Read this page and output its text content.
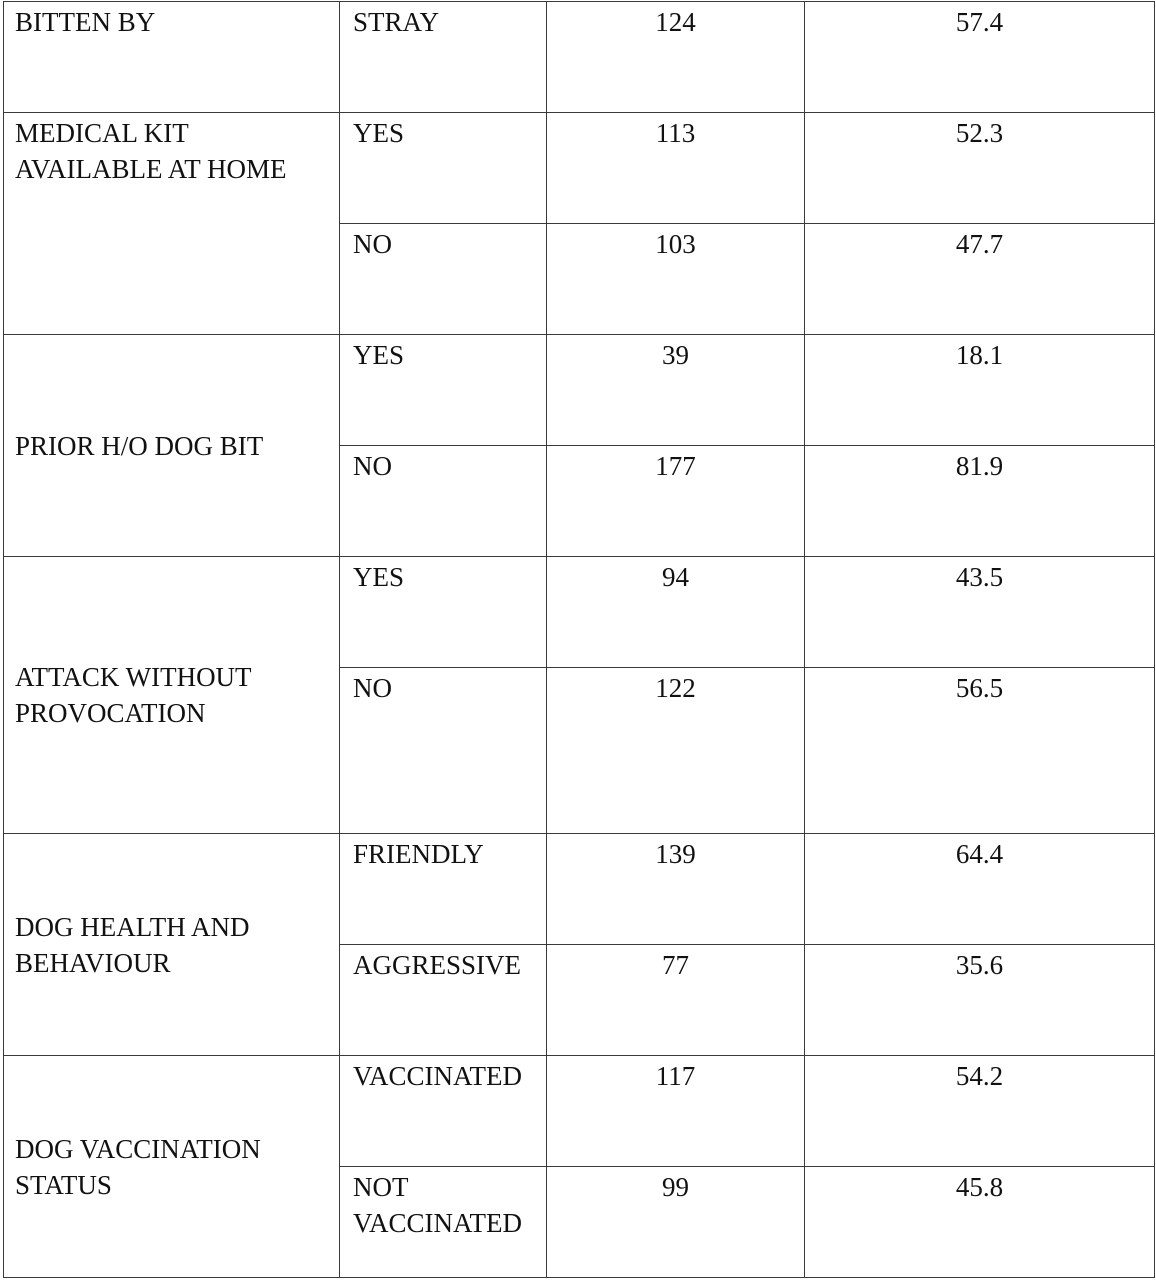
BITTEN BY	STRAY	124	57.4
MEDICAL KIT AVAILABLE AT HOME	YES	113	52.3
	NO	103	47.7
PRIOR H/O DOG BIT	YES	39	18.1
	NO	177	81.9
ATTACK WITHOUT PROVOCATION	YES	94	43.5
	NO	122	56.5
DOG HEALTH AND BEHAVIOUR	FRIENDLY	139	64.4
	AGGRESSIVE	77	35.6
DOG VACCINATION STATUS	VACCINATED	117	54.2
	NOT VACCINATED	99	45.8
